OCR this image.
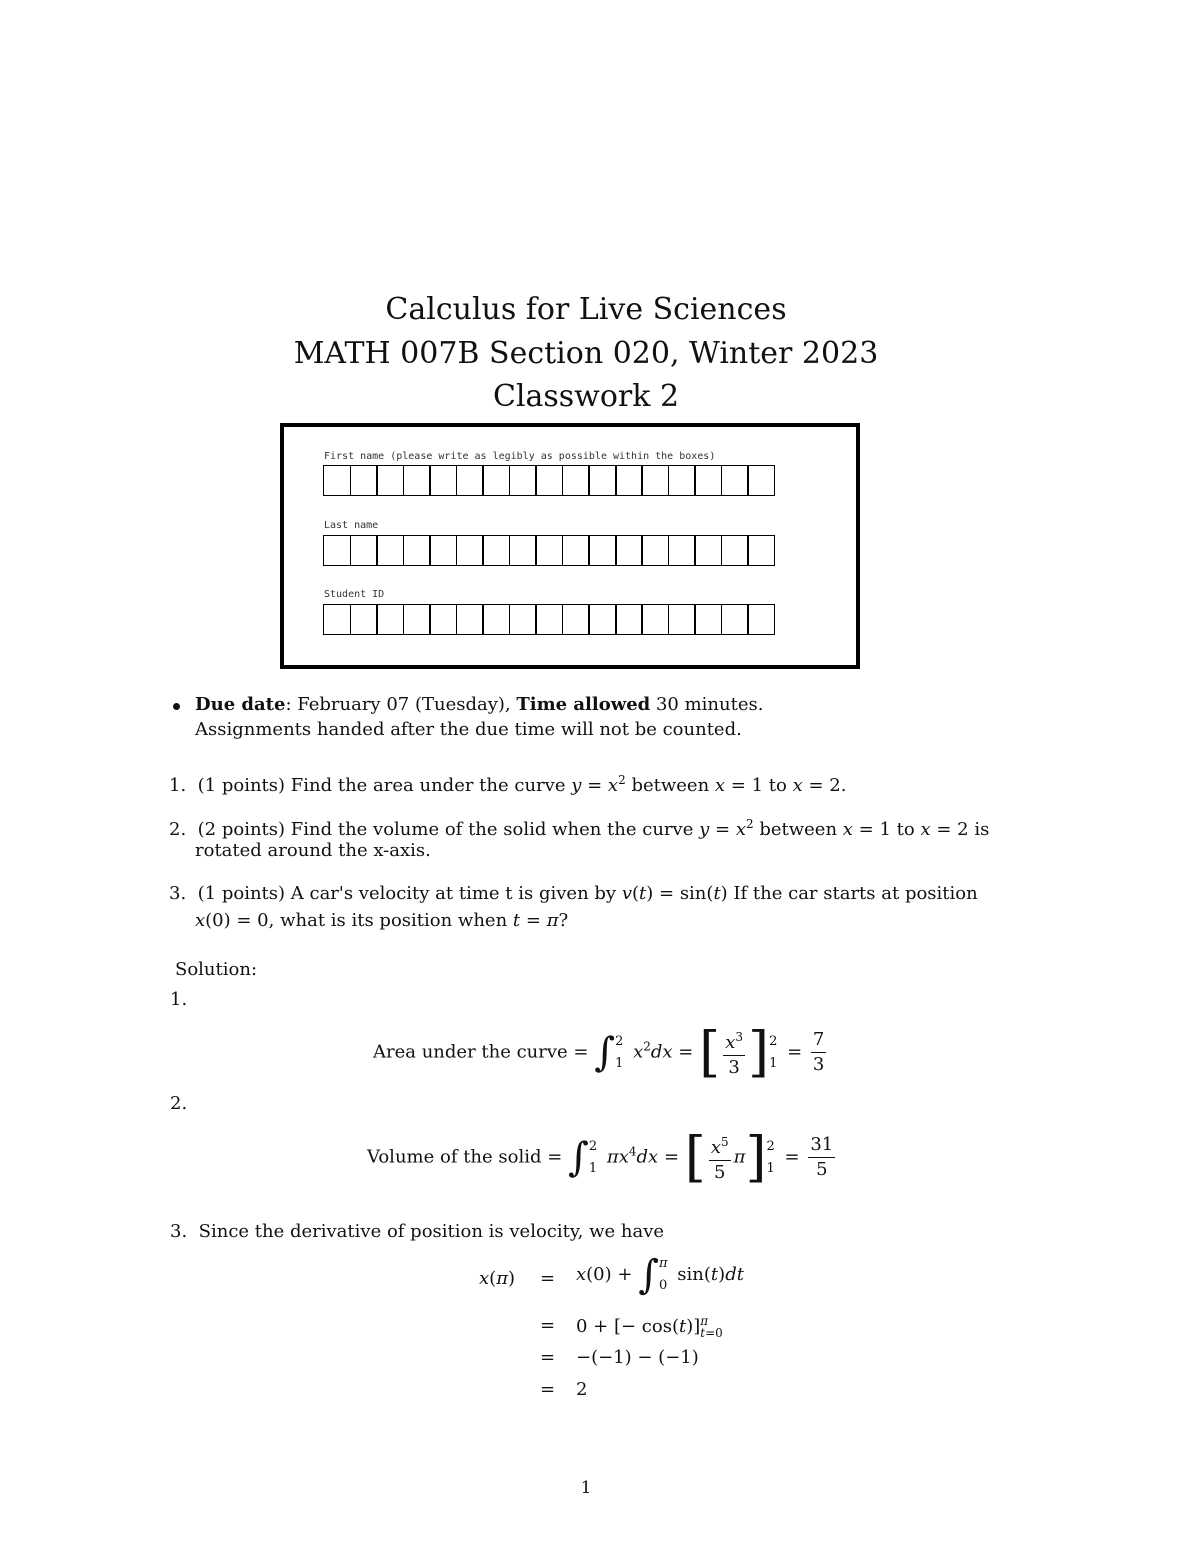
Calculus for Live Sciences
MATH 007B Section 020, Winter 2023
Classwork 2
First name (please write as legibly as possible within the boxes)
Last name
Student ID
Due date: February 07 (Tuesday), Time allowed 30 minutes.
Assignments handed after the due time will not be counted.
1. (1 points) Find the area under the curve $y = x^2$ between x = 1 to x = 2.
2. (2 points) Find the volume of the solid when the curve $y = x^2$ between x = 1 to x = 2 is
rotated around the x-axis.
3. (1 points) A car's velocity at time t is given by v(t) = sin(t) If the car starts at position
x(0) = 0, what is its position when t = π?
Solution:
1.
Area under the curve = ∫ 2
1
$x^2dx$ = [ $\frac{x^3}{3}$ ] 2
1
= $\frac{7}{3}$
2.
Volume of the solid = ∫ 2
1
$\pi x^4dx$ = [ $\frac{x^5}{5} \pi$] 2
1
= $\frac{31}{5}$
3. Since the derivative of position is velocity, we have
x(π) = x(0) + ∫ π
0
sin(t)dt
= 0 + [− cos(t)] π
t=0
= −(−1) − (−1)
= 2
1
